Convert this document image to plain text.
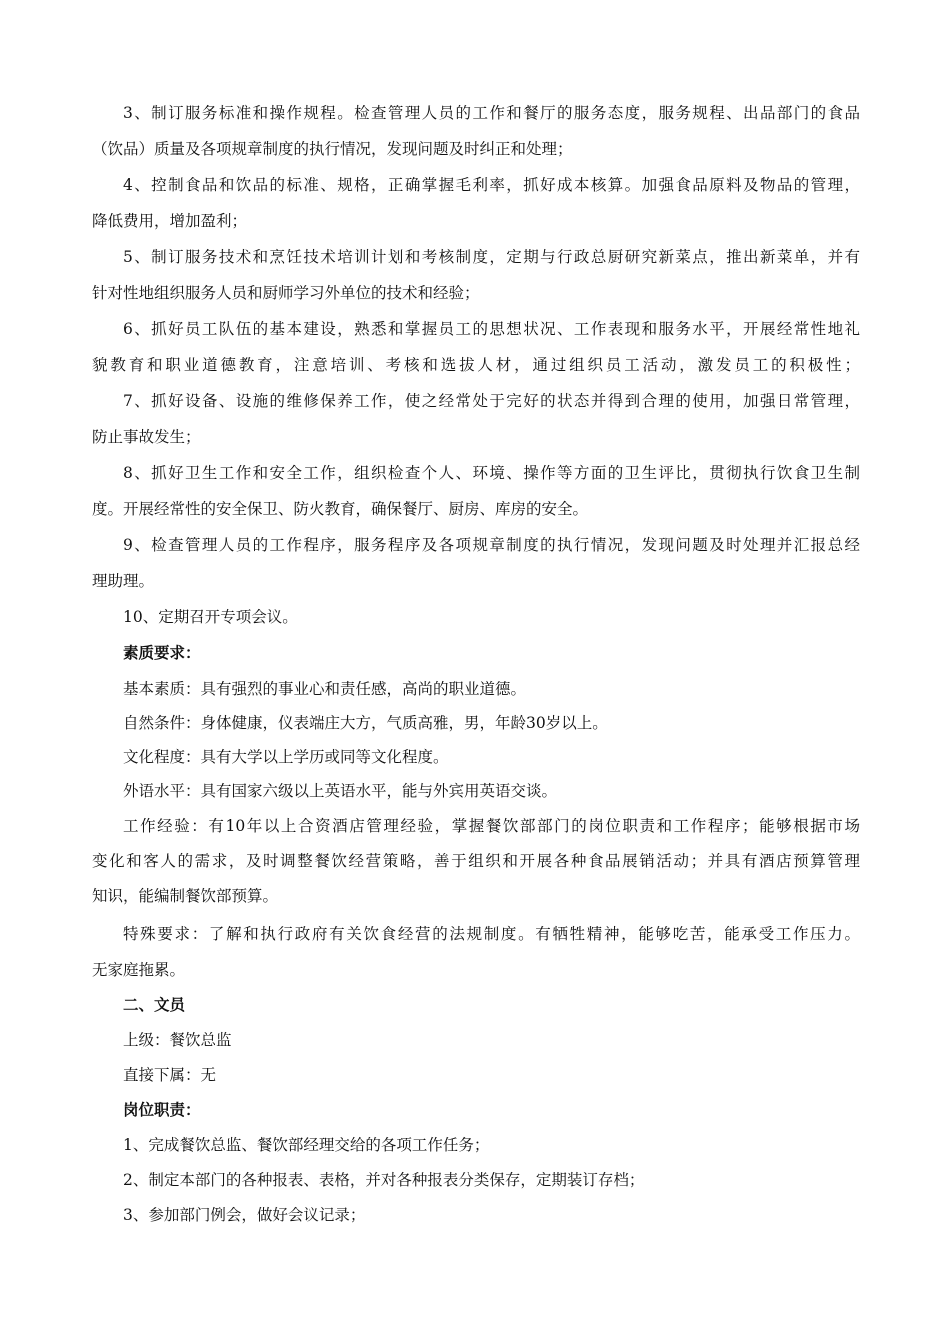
3、制订服务标准和操作规程。检查管理人员的工作和餐厅的服务态度，服务规程、出品部门的食品
（饮品）质量及各项规章制度的执行情况，发现问题及时纠正和处理；
4、控制食品和饮品的标准、规格，正确掌握毛利率，抓好成本核算。加强食品原料及物品的管理，
降低费用，增加盈利；
5、制订服务技术和烹饪技术培训计划和考核制度，定期与行政总厨研究新菜点，推出新菜单，并有
针对性地组织服务人员和厨师学习外单位的技术和经验；
6、抓好员工队伍的基本建设，熟悉和掌握员工的思想状况、工作表现和服务水平，开展经常性地礼
貌教育和职业道德教育，注意培训、考核和选拔人材，通过组织员工活动，激发员工的积极性；
7、抓好设备、设施的维修保养工作，使之经常处于完好的状态并得到合理的使用，加强日常管理，
防止事故发生；
8、抓好卫生工作和安全工作，组织检查个人、环境、操作等方面的卫生评比，贯彻执行饮食卫生制
度。开展经常性的安全保卫、防火教育，确保餐厅、厨房、库房的安全。
9、检查管理人员的工作程序，服务程序及各项规章制度的执行情况，发现问题及时处理并汇报总经
理助理。
10、定期召开专项会议。
素质要求：
基本素质：具有强烈的事业心和责任感，高尚的职业道德。
自然条件：身体健康，仪表端庄大方，气质高雅，男，年龄30岁以上。
文化程度：具有大学以上学历或同等文化程度。
外语水平：具有国家六级以上英语水平，能与外宾用英语交谈。
工作经验：有10年以上合资酒店管理经验，掌握餐饮部部门的岗位职责和工作程序；能够根据市场
变化和客人的需求，及时调整餐饮经营策略，善于组织和开展各种食品展销活动；并具有酒店预算管理
知识，能编制餐饮部预算。
特殊要求：了解和执行政府有关饮食经营的法规制度。有牺牲精神，能够吃苦，能承受工作压力。
无家庭拖累。
二、文员
上级：餐饮总监
直接下属：无
岗位职责：
1、完成餐饮总监、餐饮部经理交给的各项工作任务；
2、制定本部门的各种报表、表格，并对各种报表分类保存，定期装订存档；
3、参加部门例会，做好会议记录；
